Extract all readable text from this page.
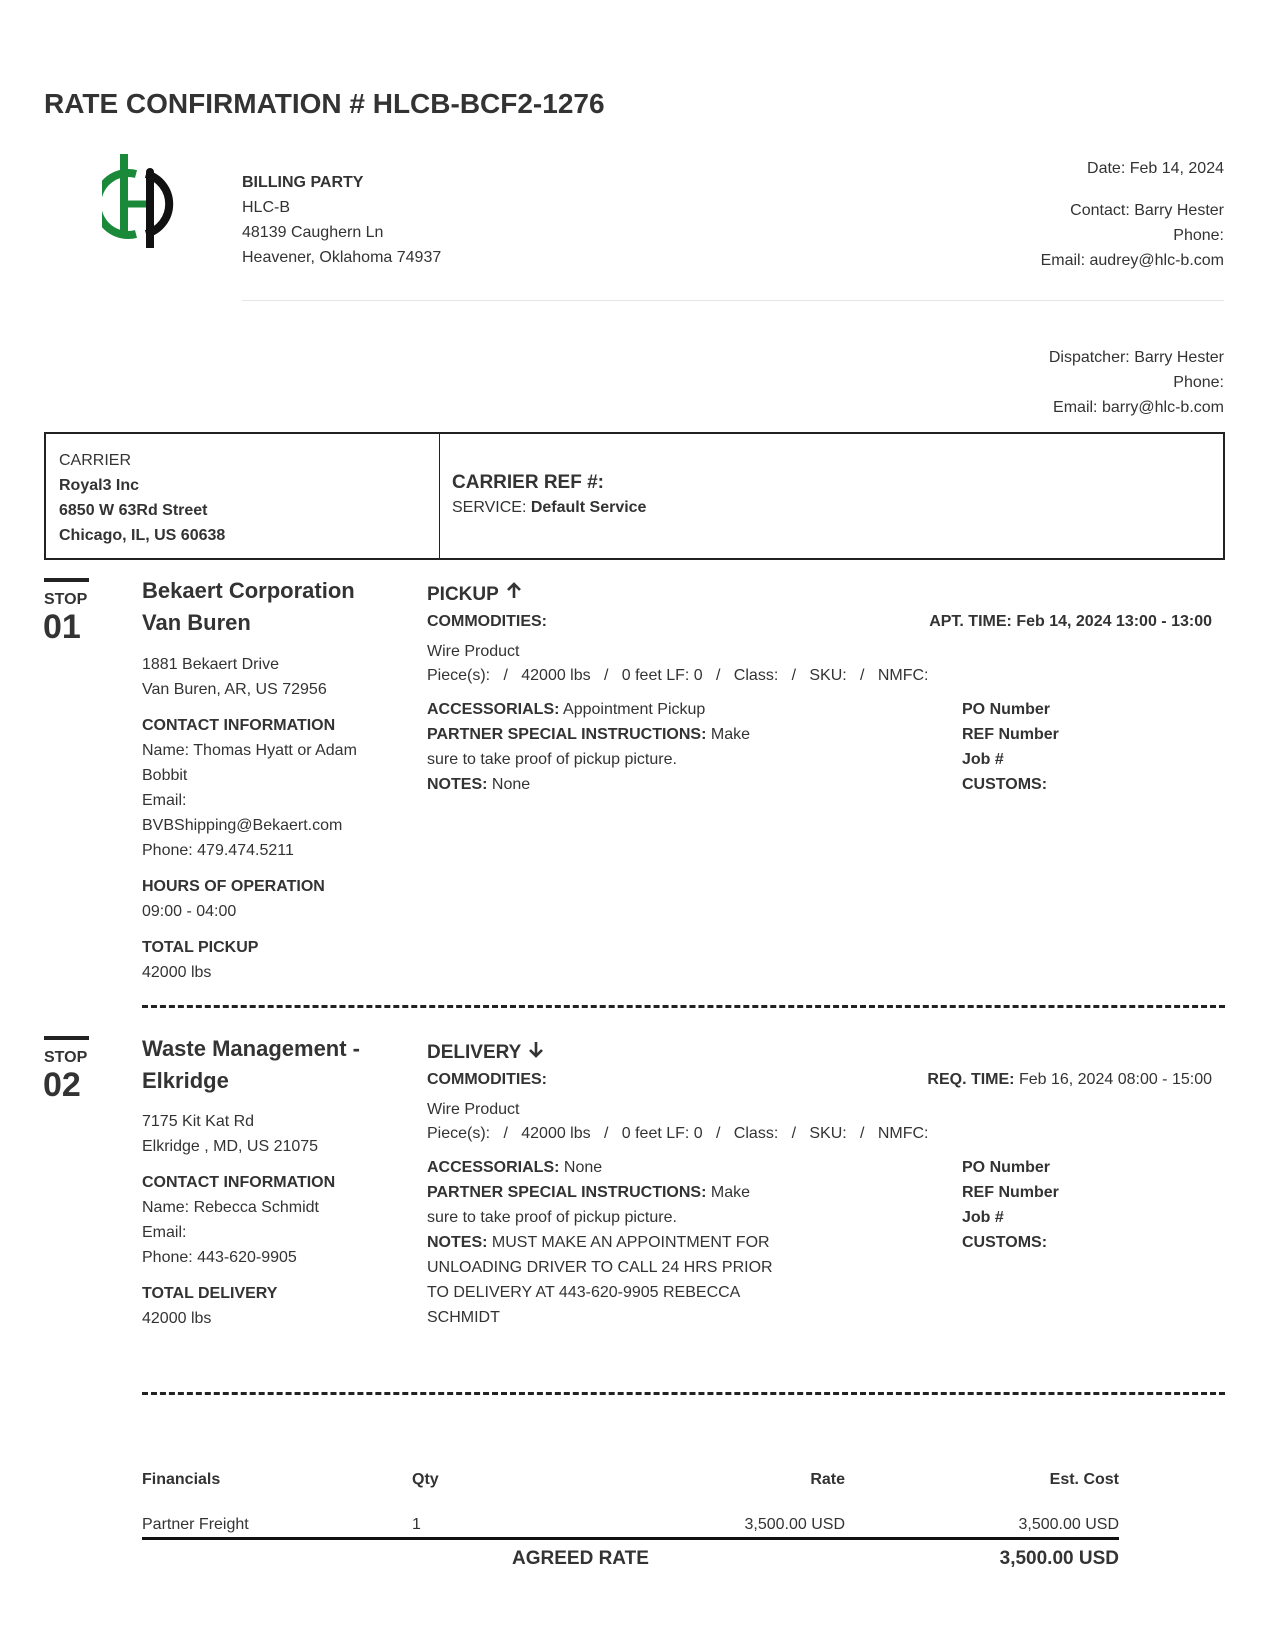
RATE CONFIRMATION # HLCB-BCF2-1276
BILLING PARTY
HLC-B
48139 Caughern Ln
Heavener, Oklahoma 74937
Date: Feb 14, 2024
Contact: Barry Hester
Phone:
Email: audrey@hlc-b.com
Dispatcher: Barry Hester
Phone:
Email: barry@hlc-b.com
CARRIER
Royal3 Inc
6850 W 63Rd Street
Chicago, IL, US 60638
CARRIER REF #:
SERVICE: Default Service
STOP
01
Bekaert Corporation
Van Buren
1881 Bekaert Drive
Van Buren, AR, US 72956
CONTACT INFORMATION
Name: Thomas Hyatt or Adam
Bobbit
Email:
BVBShipping@Bekaert.com
Phone: 479.474.5211
HOURS OF OPERATION
09:00 - 04:00
TOTAL PICKUP
42000 lbs
PICKUP
COMMODITIES:	APT. TIME: Feb 14, 2024 13:00 - 13:00
Wire Product
Piece(s):   /   42000 lbs   /   0 feet LF: 0   /   Class:   /   SKU:   /   NMFC:
ACCESSORIALS: Appointment Pickup
PARTNER SPECIAL INSTRUCTIONS: Make
sure to take proof of pickup picture.
NOTES: None
PO Number
REF Number
Job #
CUSTOMS:
STOP
02
Waste Management -
Elkridge
7175 Kit Kat Rd
Elkridge , MD, US 21075
CONTACT INFORMATION
Name: Rebecca Schmidt
Email:
Phone: 443-620-9905
TOTAL DELIVERY
42000 lbs
DELIVERY
COMMODITIES:	REQ. TIME: Feb 16, 2024 08:00 - 15:00
Wire Product
Piece(s):   /   42000 lbs   /   0 feet LF: 0   /   Class:   /   SKU:   /   NMFC:
ACCESSORIALS: None
PARTNER SPECIAL INSTRUCTIONS: Make
sure to take proof of pickup picture.
NOTES: MUST MAKE AN APPOINTMENT FOR
UNLOADING DRIVER TO CALL 24 HRS PRIOR
TO DELIVERY AT 443-620-9905 REBECCA
SCHMIDT
PO Number
REF Number
Job #
CUSTOMS:
Financials	Qty	Rate	Est. Cost
Partner Freight	1	3,500.00 USD	3,500.00 USD
AGREED RATE	3,500.00 USD
